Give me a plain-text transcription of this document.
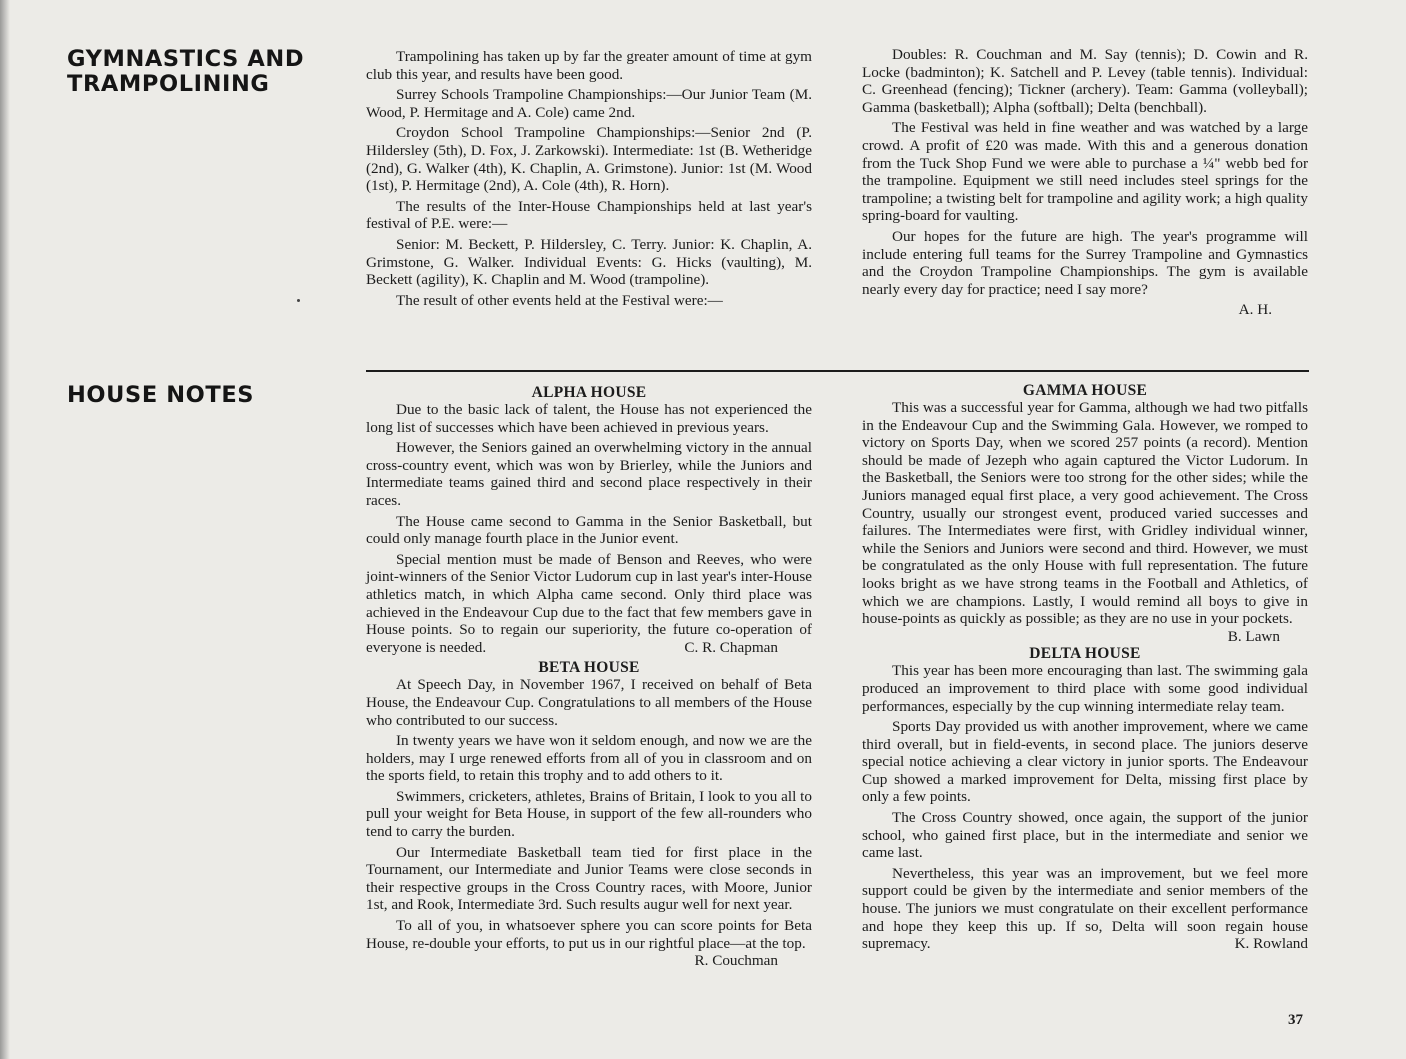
GYMNASTICS AND
TRAMPOLINING
HOUSE NOTES

Trampolining has taken up by far the greater amount of time at gym club this year, and results have been good.

Surrey Schools Trampoline Championships:—Our Junior Team (M. Wood, P. Hermitage and A. Cole) came 2nd.

Croydon School Trampoline Championships:—Senior 2nd (P. Hildersley (5th), D. Fox, J. Zarkowski). Intermediate: 1st (B. Wetheridge (2nd), G. Walker (4th), K. Chaplin, A. Grimstone). Junior: 1st (M. Wood (1st), P. Hermitage (2nd), A. Cole (4th), R. Horn).

The results of the Inter-House Championships held at last year's festival of P.E. were:—

Senior: M. Beckett, P. Hildersley, C. Terry. Junior: K. Chaplin, A. Grimstone, G. Walker. Individual Events: G. Hicks (vaulting), M. Beckett (agility), K. Chaplin and M. Wood (trampoline).

The result of other events held at the Festival were:—

Doubles: R. Couchman and M. Say (tennis); D. Cowin and R. Locke (badminton); K. Satchell and P. Levey (table tennis). Individual: C. Greenhead (fencing); Tickner (archery). Team: Gamma (volleyball); Gamma (basketball); Alpha (softball); Delta (benchball).

The Festival was held in fine weather and was watched by a large crowd. A profit of £20 was made. With this and a generous donation from the Tuck Shop Fund we were able to purchase a ¼" webb bed for the trampoline. Equipment we still need includes steel springs for the trampoline; a twisting belt for trampoline and agility work; a high quality spring-board for vaulting.

Our hopes for the future are high. The year's programme will include entering full teams for the Surrey Trampoline and Gymnastics and the Croydon Trampoline Championships. The gym is available nearly every day for practice; need I say more?

A. H.

ALPHA HOUSE

Due to the basic lack of talent, the House has not experienced the long list of successes which have been achieved in previous years.

However, the Seniors gained an overwhelming victory in the annual cross-country event, which was won by Brierley, while the Juniors and Intermediate teams gained third and second place respectively in their races.

The House came second to Gamma in the Senior Basketball, but could only manage fourth place in the Junior event.

Special mention must be made of Benson and Reeves, who were joint-winners of the Senior Victor Ludorum cup in last year's inter-House athletics match, in which Alpha came second. Only third place was achieved in the Endeavour Cup due to the fact that few members gave in House points. So to regain our superiority, the future co-operation of everyone is needed.	C. R. Chapman

BETA HOUSE

At Speech Day, in November 1967, I received on behalf of Beta House, the Endeavour Cup. Congratulations to all members of the House who contributed to our success.

In twenty years we have won it seldom enough, and now we are the holders, may I urge renewed efforts from all of you in classroom and on the sports field, to retain this trophy and to add others to it.

Swimmers, cricketers, athletes, Brains of Britain, I look to you all to pull your weight for Beta House, in support of the few all-rounders who tend to carry the burden.

Our Intermediate Basketball team tied for first place in the Tournament, our Intermediate and Junior Teams were close seconds in their respective groups in the Cross Country races, with Moore, Junior 1st, and Rook, Intermediate 3rd. Such results augur well for next year.

To all of you, in whatsoever sphere you can score points for Beta House, re-double your efforts, to put us in our rightful place—at the top.
R. Couchman

GAMMA HOUSE

This was a successful year for Gamma, although we had two pitfalls in the Endeavour Cup and the Swimming Gala. However, we romped to victory on Sports Day, when we scored 257 points (a record). Mention should be made of Jezeph who again captured the Victor Ludorum. In the Basketball, the Seniors were too strong for the other sides; while the Juniors managed equal first place, a very good achievement. The Cross Country, usually our strongest event, produced varied successes and failures. The Intermediates were first, with Gridley individual winner, while the Seniors and Juniors were second and third. However, we must be congratulated as the only House with full representation. The future looks bright as we have strong teams in the Football and Athletics, of which we are champions. Lastly, I would remind all boys to give in house-points as quickly as possible; as they are no use in your pockets.
B. Lawn

DELTA HOUSE

This year has been more encouraging than last. The swimming gala produced an improvement to third place with some good individual performances, especially by the cup winning intermediate relay team.

Sports Day provided us with another improvement, where we came third overall, but in field-events, in second place. The juniors deserve special notice achieving a clear victory in junior sports. The Endeavour Cup showed a marked improvement for Delta, missing first place by only a few points.

The Cross Country showed, once again, the support of the junior school, who gained first place, but in the intermediate and senior we came last.

Nevertheless, this year was an improvement, but we feel more support could be given by the intermediate and senior members of the house. The juniors we must congratulate on their excellent performance and hope they keep this up. If so, Delta will soon regain house supremacy.	K. Rowland

37
